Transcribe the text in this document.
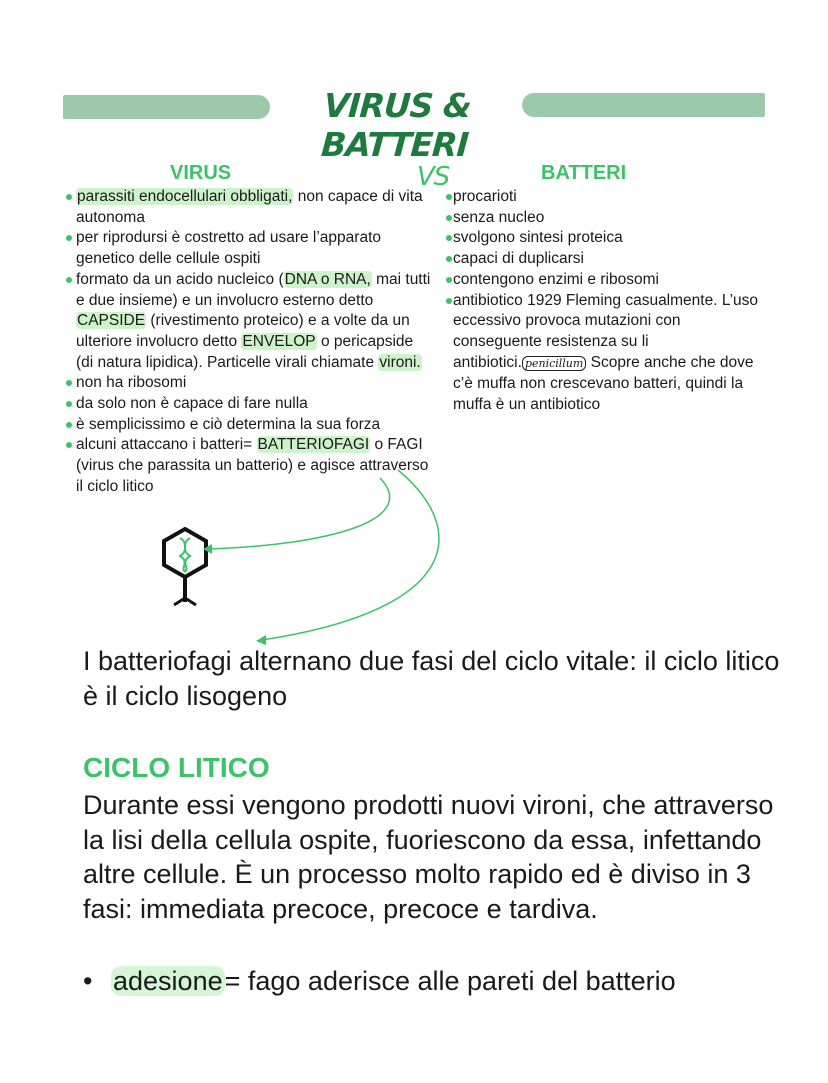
VIRUS & BATTERI
VIRUS	VS	BATTERI
parassiti endocellulari obbligati, non capace di vita autonoma
per riprodursi è costretto ad usare l’apparato genetico delle cellule ospiti
formato da un acido nucleico (DNA o RNA, mai tutti e due insieme) e un involucro esterno detto CAPSIDE (rivestimento proteico) e a volte da un ulteriore involucro detto ENVELOP o pericapside (di natura lipidica). Particelle virali chiamate vironi.
non ha ribosomi
da solo non è capace di fare nulla
è semplicissimo e ciò determina la sua forza
alcuni attaccano i batteri= BATTERIOFAGI o FAGI (virus che parassita un batterio) e agisce attraverso il ciclo litico
procarioti
senza nucleo
svolgono sintesi proteica
capaci di duplicarsi
contengono enzimi e ribosomi
antibiotico 1929 Fleming casualmente. L’uso eccessivo provoca mutazioni con conseguente resistenza su li antibiotici. penicillum Scopre anche che dove c’è muffa non crescevano batteri, quindi la muffa è un antibiotico

I batteriofagi alternano due fasi del ciclo vitale: il ciclo litico è il ciclo lisogeno

CICLO LITICO

Durante essi vengono prodotti nuovi vironi, che attraverso la lisi della cellula ospite, fuoriescono da essa, infettando altre cellule. È un processo molto rapido ed è diviso in 3 fasi: immediata precoce, precoce e tardiva.

• adesione= fago aderisce alle pareti del batterio
